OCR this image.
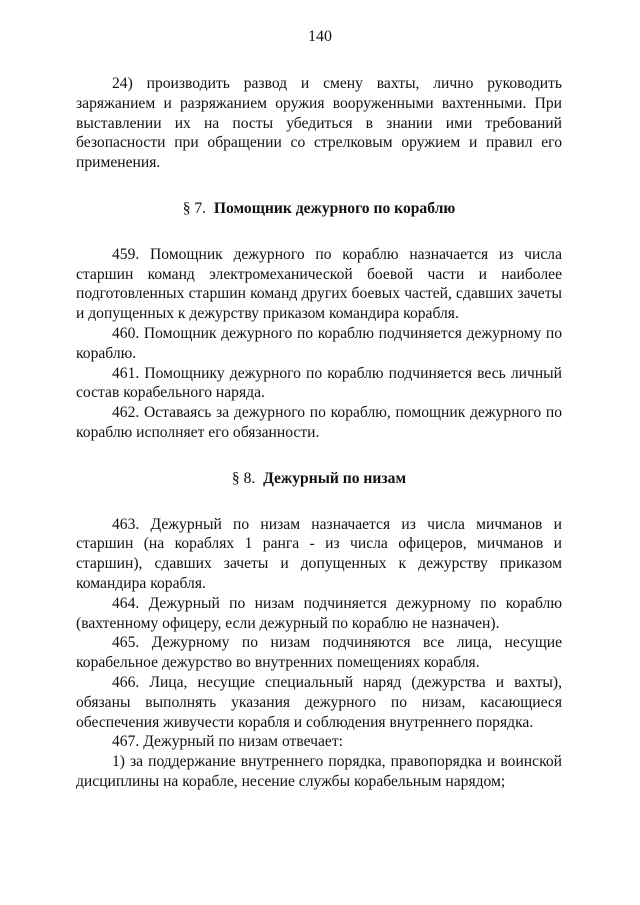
140

24) производить развод и смену вахты, лично руководить заряжанием и разряжанием оружия вооруженными вахтенными. При выставлении их на посты убедиться в знании ими требований безопасности при обращении со стрелковым оружием и правил его применения.

§ 7. Помощник дежурного по кораблю

459. Помощник дежурного по кораблю назначается из числа старшин команд электромеханической боевой части и наиболее подготовленных старшин команд других боевых частей, сдавших зачеты и допущенных к дежурству приказом командира корабля.

460. Помощник дежурного по кораблю подчиняется дежурному по кораблю.

461. Помощнику дежурного по кораблю подчиняется весь личный состав корабельного наряда.

462. Оставаясь за дежурного по кораблю, помощник дежурного по кораблю исполняет его обязанности.

§ 8. Дежурный по низам

463. Дежурный по низам назначается из числа мичманов и старшин (на кораблях 1 ранга - из числа офицеров, мичманов и старшин), сдавших зачеты и допущенных к дежурству приказом командира корабля.

464. Дежурный по низам подчиняется дежурному по кораблю (вахтенному офицеру, если дежурный по кораблю не назначен).

465. Дежурному по низам подчиняются все лица, несущие корабельное дежурство во внутренних помещениях корабля.

466. Лица, несущие специальный наряд (дежурства и вахты), обязаны выполнять указания дежурного по низам, касающиеся обеспечения живучести корабля и соблюдения внутреннего порядка.

467. Дежурный по низам отвечает:

1) за поддержание внутреннего порядка, правопорядка и воинской дисциплины на корабле, несение службы корабельным нарядом;
